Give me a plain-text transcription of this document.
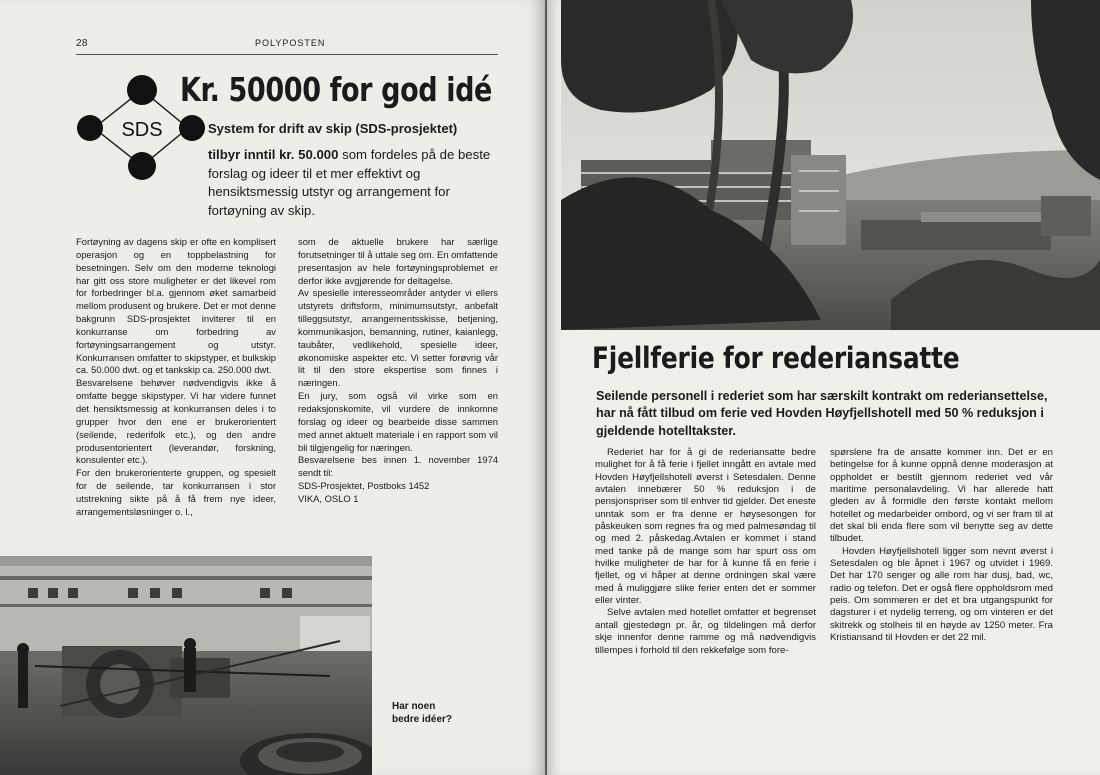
28	POLYPOSTEN
SDS
Kr. 50000 for god idé
System for drift av skip (SDS-prosjektet)
tilbyr inntil kr. 50.000 som fordeles på de beste forslag og ideer til et mer effektivt og hensiktsmessig utstyr og arrangement for fortøyning av skip.

Fortøyning av dagens skip er ofte en komplisert operasjon og en toppbelastning for besetningen. Selv om den moderne teknologi har gitt oss store muligheter er det likevel rom for forbedringer bl.a. gjennom øket samarbeid mellom produsent og brukere. Det er mot denne bakgrunn SDS-prosjektet inviterer til en konkurranse om forbedring av fortøyningsarrangement og utstyr. Konkurransen omfatter to skipstyper, et bulkskip ca. 50.000 dwt. og et tankskip ca. 250.000 dwt.

Besvarelsene behøver nødvendigvis ikke å omfatte begge skipstyper. Vi har videre funnet det hensiktsmessig at konkurransen deles i to grupper hvor den ene er brukerorientert (seilende, rederifolk etc.), og den andre produsentorientert (leverandør, forskning, konsulenter etc.).

For den brukerorienterte gruppen, og spesielt for de seilende, tar konkurransen i stor utstrekning sikte på å få frem nye ideer, arrangementsløsninger o. l.,

som de aktuelle brukere har særlige forutsetninger til å uttale seg om. En omfattende presentasjon av hele fortøyningsproblemet er derfor ikke avgjørende for deltagelse.

Av spesielle interesseområder antyder vi ellers utstyrets driftsform, minimumsutstyr, anbefalt tilleggsutstyr, arrangementsskisse, betjening, kommunikasjon, bemanning, rutiner, kaianlegg, taubåter, vedlikehold, spesielle ideer, økonomiske aspekter etc. Vi setter forøvrig vår lit til den store ekspertise som finnes i næringen.

En jury, som også vil virke som en redaksjonskomite, vil vurdere de innkomne forslag og ideer og bearbeide disse sammen med annet aktuelt materiale i en rapport som vil bli tilgjengelig for næringen.

Besvarelsene bes innen 1. november 1974 sendt til:

SDS-Prosjektet, Postboks 1452

VIKA, OSLO 1

Har noen
bedre idéer?
Fjellferie for rederiansatte
Seilende personell i rederiet som har særskilt kontrakt om rederiansettelse, har nå fått tilbud om ferie ved Hovden Høyfjellshotell med 50 % reduksjon i gjeldende hotelltakster.

Rederiet har for å gi de rederiansatte bedre mulighet for å få ferie i fjellet inngått en avtale med Hovden Høyfjellshotell øverst i Setesdalen. Denne avtalen innebærer 50 % reduksjon i de pensjonspriser som til enhver tid gjelder. Det eneste unntak som er fra denne er høysesongen for påskeuken som regnes fra og med palmesøndag til og med 2. påskedag.Avtalen er kommet i stand med tanke på de mange som har spurt oss om hvilke muligheter de har for å kunne få en ferie i fjellet, og vi håper at denne ordningen skal være med å muliggjøre slike ferier enten det er sommer eller vinter.

Selve avtalen med hotellet omfatter et begrenset antall gjestedøgn pr. år, og tildelingen må derfor skje innenfor denne ramme og må nødvendigvis tillempes i forhold til den rekkefølge som fore-

spørslene fra de ansatte kommer inn. Det er en betingelse for å kunne oppnå denne moderasjon at oppholdet er bestilt gjennom rederiet ved vår maritime personalavdeling. Vi har allerede hatt gleden av å formidle den første kontakt mellom hotellet og medarbeider ombord, og vi ser fram til at det skal bli enda flere som vil benytte seg av dette tilbudet.

Hovden Høyfjellshotell ligger som nevnt øverst i Setesdalen og ble åpnet i 1967 og utvidet i 1969. Det har 170 senger og alle rom har dusj, bad, wc, radio og telefon. Det er også flere oppholdsrom med peis. Om sommeren er det et bra utgangspunkt for dagsturer i et nydelig terreng, og om vinteren er det skitrekk og stolheis til en høyde av 1250 meter. Fra Kristiansand til Hovden er det 22 mil.
